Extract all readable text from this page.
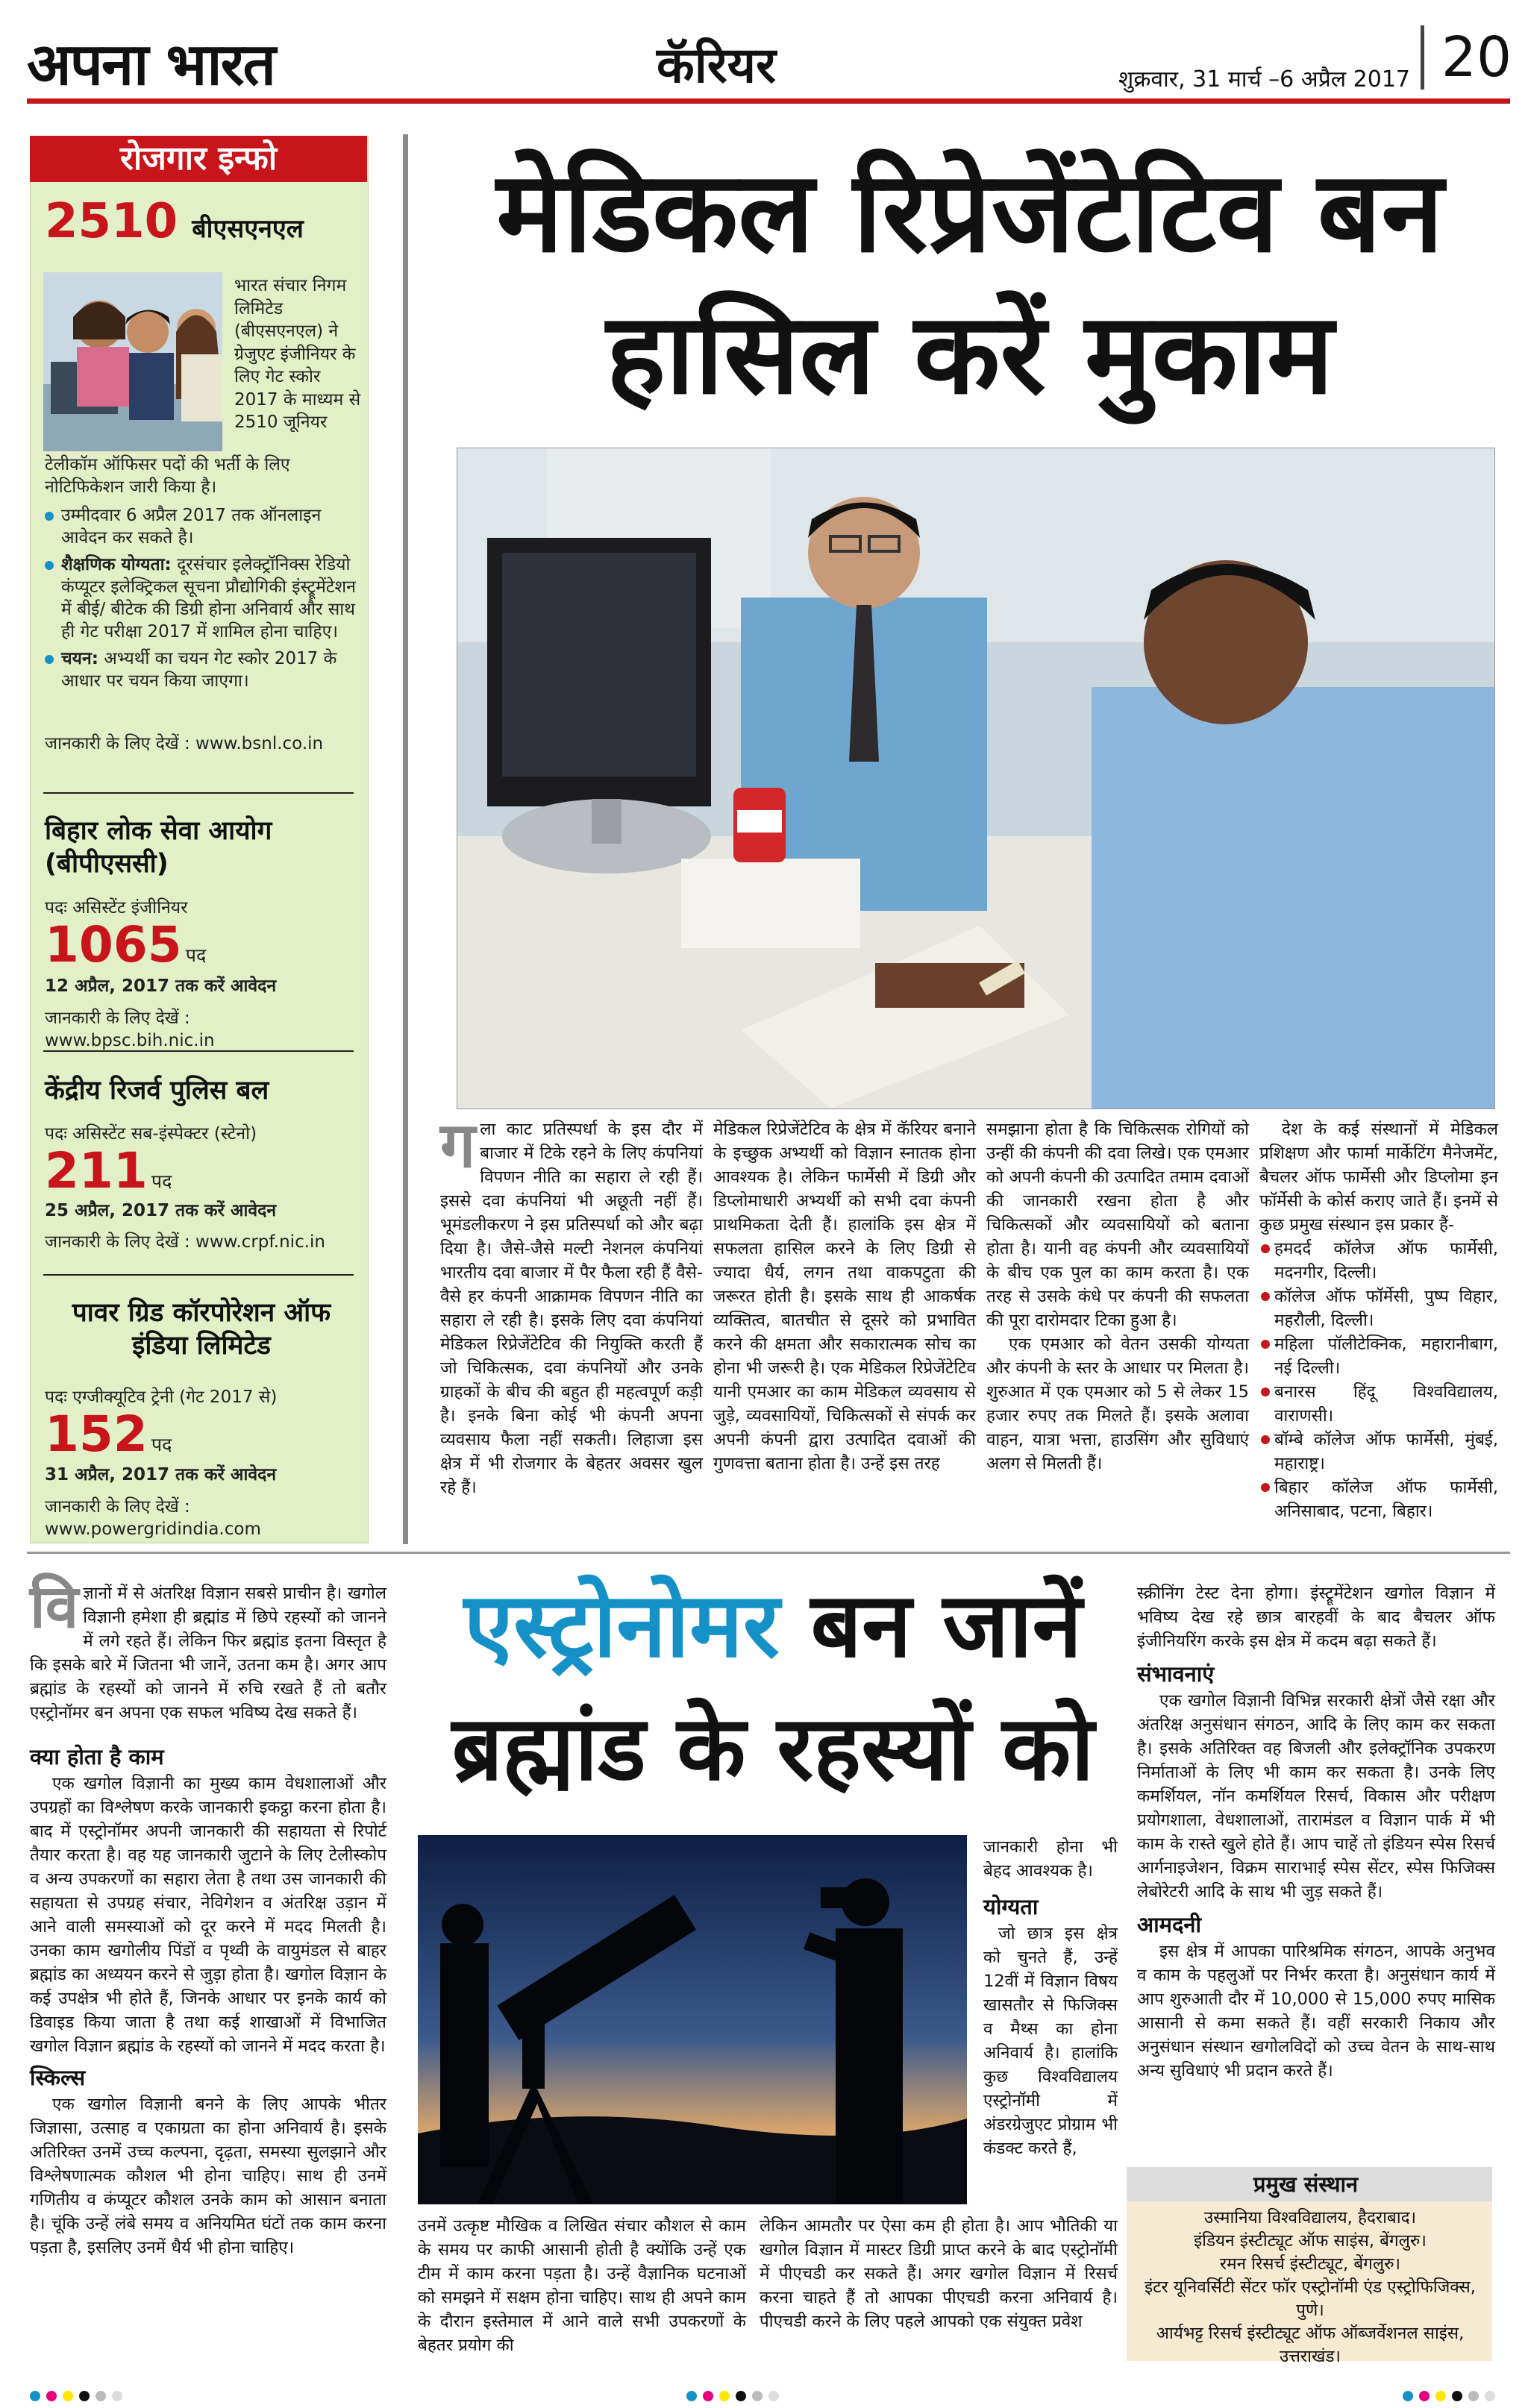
अपना भारत	कॅरियर	शुक्रवार, 31 मार्च –6 अप्रैल 2017 20
रोजगार इन्फो
2510 बीएसएनएल
भारत संचार निगम लिमिटेड (बीएसएनएल) ने ग्रेजुएट इंजीनियर के लिए गेट स्कोर 2017 के माध्यम से 2510 जूनियर
टेलीकॉम ऑफिसर पदों की भर्ती के लिए नोटिफिकेशन जारी किया है।
उम्मीदवार 6 अप्रैल 2017 तक ऑनलाइन आवेदन कर सकते है।
शैक्षणिक योग्यता: दूरसंचार इलेक्ट्रॉनिक्स रेडियो कंप्यूटर इलेक्ट्रिकल सूचना प्रौद्योगिकी इंस्ट्रूमेंटेशन में बीई/ बीटेक की डिग्री होना अनिवार्य और साथ ही गेट परीक्षा 2017 में शामिल होना चाहिए।
चयन: अभ्यर्थी का चयन गेट स्कोर 2017 के आधार पर चयन किया जाएगा।
जानकारी के लिए देखें : www.bsnl.co.in
बिहार लोक सेवा आयोग (बीपीएससी)
पदः असिस्टेंट इंजीनियर
1065 पद
12 अप्रैल, 2017 तक करें आवेदन
जानकारी के लिए देखें : www.bpsc.bih.nic.in
केंद्रीय रिजर्व पुलिस बल
पदः असिस्टेंट सब-इंस्पेक्टर (स्टेनो)
211 पद
25 अप्रैल, 2017 तक करें आवेदन
जानकारी के लिए देखें : www.crpf.nic.in
पावर ग्रिड कॉरपोरेशन ऑफ इंडिया लिमिटेड
पदः एग्जीक्यूटिव ट्रेनी (गेट 2017 से)
152 पद
31 अप्रैल, 2017 तक करें आवेदन
जानकारी के लिए देखें : www.powergridindia.com
मेडिकल रिप्रेजेंटेटिव बन
हासिल करें मुकाम
गला काट प्रतिस्पर्धा के इस दौर में बाजार में टिके रहने के लिए कंपनियां विपणन नीति का सहारा ले रही हैं। इससे दवा कंपनियां भी अछूती नहीं हैं। भूमंडलीकरण ने इस प्रतिस्पर्धा को और बढ़ा दिया है। जैसे-जैसे मल्टी नेशनल कंपनियां भारतीय दवा बाजार में पैर फैला रही हैं वैसे-वैसे हर कंपनी आक्रामक विपणन नीति का सहारा ले रही है। इसके लिए दवा कंपनियां मेडिकल रिप्रेजेंटेटिव की नियुक्ति करती हैं जो चिकित्सक, दवा कंपनियों और उनके ग्राहकों के बीच की बहुत ही महत्वपूर्ण कड़ी है। इनके बिना कोई भी कंपनी अपना व्यवसाय फैला नहीं सकती। लिहाजा इस क्षेत्र में भी रोजगार के बेहतर अवसर खुल रहे हैं।
मेडिकल रिप्रेजेंटेटिव के क्षेत्र में कॅरियर बनाने के इच्छुक अभ्यर्थी को विज्ञान स्नातक होना आवश्यक है। लेकिन फार्मेसी में डिग्री और डिप्लोमाधारी अभ्यर्थी को सभी दवा कंपनी प्राथमिकता देती हैं। हालांकि इस क्षेत्र में सफलता हासिल करने के लिए डिग्री से ज्यादा धैर्य, लगन तथा वाकपटुता की जरूरत होती है। इसके साथ ही आकर्षक व्यक्तित्व, बातचीत से दूसरे को प्रभावित करने की क्षमता और सकारात्मक सोच का होना भी जरूरी है। एक मेडिकल रिप्रेजेंटेटिव यानी एमआर का काम मेडिकल व्यवसाय से जुड़े, व्यवसायियों, चिकित्सकों से संपर्क कर अपनी कंपनी द्वारा उत्पादित दवाओं की गुणवत्ता बताना होता है। उन्हें इस तरह

समझाना होता है कि चिकित्सक रोगियों को उन्हीं की कंपनी की दवा लिखे। एक एमआर को अपनी कंपनी की उत्पादित तमाम दवाओं की जानकारी रखना होता है और चिकित्सकों और व्यवसायियों को बताना होता है। यानी वह कंपनी और व्यवसायियों के बीच एक पुल का काम करता है। एक तरह से उसके कंधे पर कंपनी की सफलता की पूरा दारोमदार टिका हुआ है।

एक एमआर को वेतन उसकी योग्यता और कंपनी के स्तर के आधार पर मिलता है। शुरुआत में एक एमआर को 5 से लेकर 15 हजार रुपए तक मिलते हैं। इसके अलावा वाहन, यात्रा भत्ता, हाउसिंग और सुविधाएं अलग से मिलती हैं।

देश के कई संस्थानों में मेडिकल प्रशिक्षण और फार्मा मार्केटिंग मैनेजमेंट, बैचलर ऑफ फार्मेसी और डिप्लोमा इन फॉर्मेसी के कोर्स कराए जाते हैं। इनमें से कुछ प्रमुख संस्थान इस प्रकार हैं-

हमदर्द कॉलेज ऑफ फार्मेसी, मदनगीर, दिल्ली।
कॉलेज ऑफ फॉर्मेसी, पुष्प विहार, महरौली, दिल्ली।
महिला पॉलीटेक्निक, महारानीबाग, नई दिल्ली।
बनारस हिंदू विश्वविद्यालय, वाराणसी।
बॉम्बे कॉलेज ऑफ फार्मेसी, मुंबई, महाराष्ट्र।
बिहार कॉलेज ऑफ फार्मेसी, अनिसाबाद, पटना, बिहार।
विज्ञानों में से अंतरिक्ष विज्ञान सबसे प्राचीन है। खगोल विज्ञानी हमेशा ही ब्रह्मांड में छिपे रहस्यों को जानने में लगे रहते हैं। लेकिन फिर ब्रह्मांड इतना विस्तृत है कि इसके बारे में जितना भी जानें, उतना कम है। अगर आप ब्रह्मांड के रहस्यों को जानने में रुचि रखते हैं तो बतौर एस्ट्रोनॉमर बन अपना एक सफल भविष्य देख सकते हैं।
क्या होता है काम

एक खगोल विज्ञानी का मुख्य काम वेधशालाओं और उपग्रहों का विश्लेषण करके जानकारी इकट्ठा करना होता है। बाद में एस्ट्रोनॉमर अपनी जानकारी की सहायता से रिपोर्ट तैयार करता है। वह यह जानकारी जुटाने के लिए टेलीस्कोप व अन्य उपकरणों का सहारा लेता है तथा उस जानकारी की सहायता से उपग्रह संचार, नेविगेशन व अंतरिक्ष उड़ान में आने वाली समस्याओं को दूर करने में मदद मिलती है। उनका काम खगोलीय पिंडों व पृथ्वी के वायुमंडल से बाहर ब्रह्मांड का अध्ययन करने से जुड़ा होता है। खगोल विज्ञान के कई उपक्षेत्र भी होते हैं, जिनके आधार पर इनके कार्य को डिवाइड किया जाता है तथा कई शाखाओं में विभाजित खगोल विज्ञान ब्रह्मांड के रहस्यों को जानने में मदद करता है।

स्किल्स

एक खगोल विज्ञानी बनने के लिए आपके भीतर जिज्ञासा, उत्साह व एकाग्रता का होना अनिवार्य है। इसके अतिरिक्त उनमें उच्च कल्पना, दृढ़ता, समस्या सुलझाने और विश्लेषणात्मक कौशल भी होना चाहिए। साथ ही उनमें गणितीय व कंप्यूटर कौशल उनके काम को आसान बनाता है। चूंकि उन्हें लंबे समय व अनियमित घंटों तक काम करना पड़ता है, इसलिए उनमें धैर्य भी होना चाहिए।

एस्ट्रोनोमर बन जानें
ब्रह्मांड के रहस्यों को
उनमें उत्कृष्ट मौखिक व लिखित संचार कौशल से काम के समय पर काफी आसानी होती है क्योंकि उन्हें एक टीम में काम करना पड़ता है। उन्हें वैज्ञानिक घटनाओं को समझने में सक्षम होना चाहिए। साथ ही अपने काम के दौरान इस्तेमाल में आने वाले सभी उपकरणों के बेहतर प्रयोग की

जानकारी होना भी बेहद आवश्यक है।

योग्यता

जो छात्र इस क्षेत्र को चुनते हैं, उन्हें 12वीं में विज्ञान विषय खासतौर से फिजिक्स व मैथ्स का होना अनिवार्य है। हालांकि कुछ विश्वविद्यालय एस्ट्रोनॉमी में अंडरग्रेजुएट प्रोग्राम भी कंडक्ट करते हैं,

लेकिन आमतौर पर ऐसा कम ही होता है। आप भौतिकी या खगोल विज्ञान में मास्टर डिग्री प्राप्त करने के बाद एस्ट्रोनॉमी में पीएचडी कर सकते हैं। अगर खगोल विज्ञान में रिसर्च करना चाहते हैं तो आपका पीएचडी करना अनिवार्य है। पीएचडी करने के लिए पहले आपको एक संयुक्त प्रवेश

स्क्रीनिंग टेस्ट देना होगा। इंस्ट्रूमेंटेशन खगोल विज्ञान में भविष्य देख रहे छात्र बारहवीं के बाद बैचलर ऑफ इंजीनियरिंग करके इस क्षेत्र में कदम बढ़ा सकते हैं।

संभावनाएं

एक खगोल विज्ञानी विभिन्न सरकारी क्षेत्रों जैसे रक्षा और अंतरिक्ष अनुसंधान संगठन, आदि के लिए काम कर सकता है। इसके अतिरिक्त वह बिजली और इलेक्ट्रॉनिक उपकरण निर्माताओं के लिए भी काम कर सकता है। उनके लिए कमर्शियल, नॉन कमर्शियल रिसर्च, विकास और परीक्षण प्रयोगशाला, वेधशालाओं, तारामंडल व विज्ञान पार्क में भी काम के रास्ते खुले होते हैं। आप चाहें तो इंडियन स्पेस रिसर्च आर्गनाइजेशन, विक्रम साराभाई स्पेस सेंटर, स्पेस फिजिक्स लेबोरेटरी आदि के साथ भी जुड़ सकते हैं।

आमदनी

इस क्षेत्र में आपका पारिश्रमिक संगठन, आपके अनुभव व काम के पहलुओं पर निर्भर करता है। अनुसंधान कार्य में आप शुरुआती दौर में 10,000 से 15,000 रुपए मासिक आसानी से कमा सकते हैं। वहीं सरकारी निकाय और अनुसंधान संस्थान खगोलविदों को उच्च वेतन के साथ-साथ अन्य सुविधाएं भी प्रदान करते हैं।

प्रमुख संस्थान
उस्मानिया विश्वविद्यालय, हैदराबाद।
इंडियन इंस्टीट्यूट ऑफ साइंस, बेंगलुरु।
रमन रिसर्च इंस्टीट्यूट, बेंगलुरु।
इंटर यूनिवर्सिटी सेंटर फॉर एस्ट्रोनॉमी एंड एस्ट्रोफिजिक्स, पुणे।
आर्यभट्ट रिसर्च इंस्टीट्यूट ऑफ ऑब्जर्वेशनल साइंस, उत्तराखंड।
